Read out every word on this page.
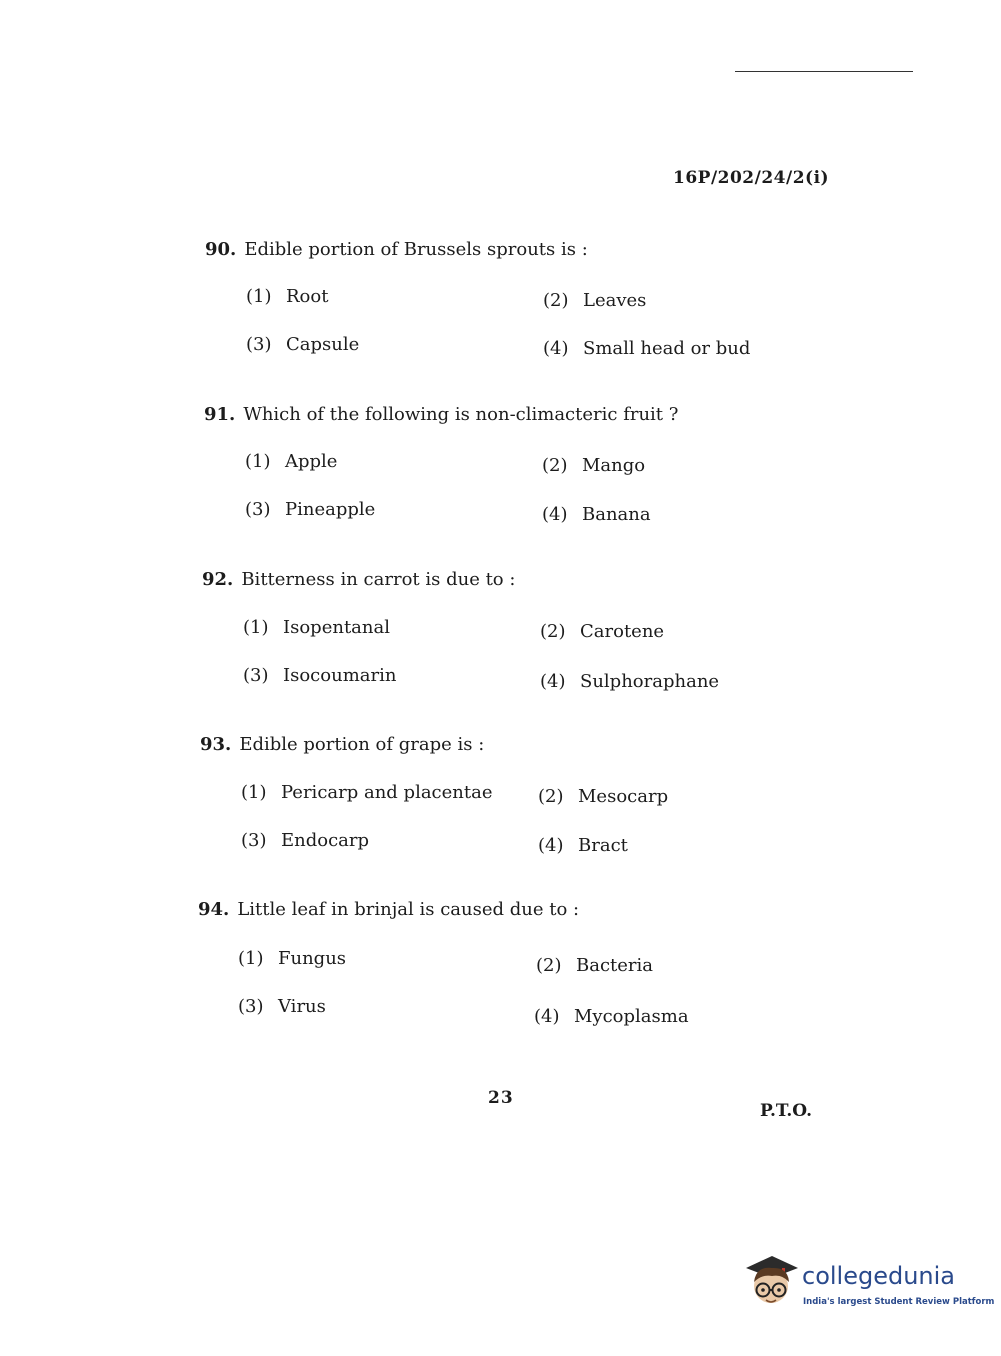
16P/202/24/2(i)
90. Edible portion of Brussels sprouts is :
(1) Root	(2) Leaves
(3) Capsule	(4) Small head or bud
91. Which of the following is non-climacteric fruit ?
(1) Apple	(2) Mango
(3) Pineapple	(4) Banana
92. Bitterness in carrot is due to :
(1) Isopentanal	(2) Carotene
(3) Isocoumarin	(4) Sulphoraphane
93. Edible portion of grape is :
(1) Pericarp and placentae	(2) Mesocarp
(3) Endocarp	(4) Bract
94. Little leaf in brinjal is caused due to :
(1) Fungus	(2) Bacteria
(3) Virus	(4) Mycoplasma
23
P.T.O.
collegedunia
India's largest Student Review Platform
